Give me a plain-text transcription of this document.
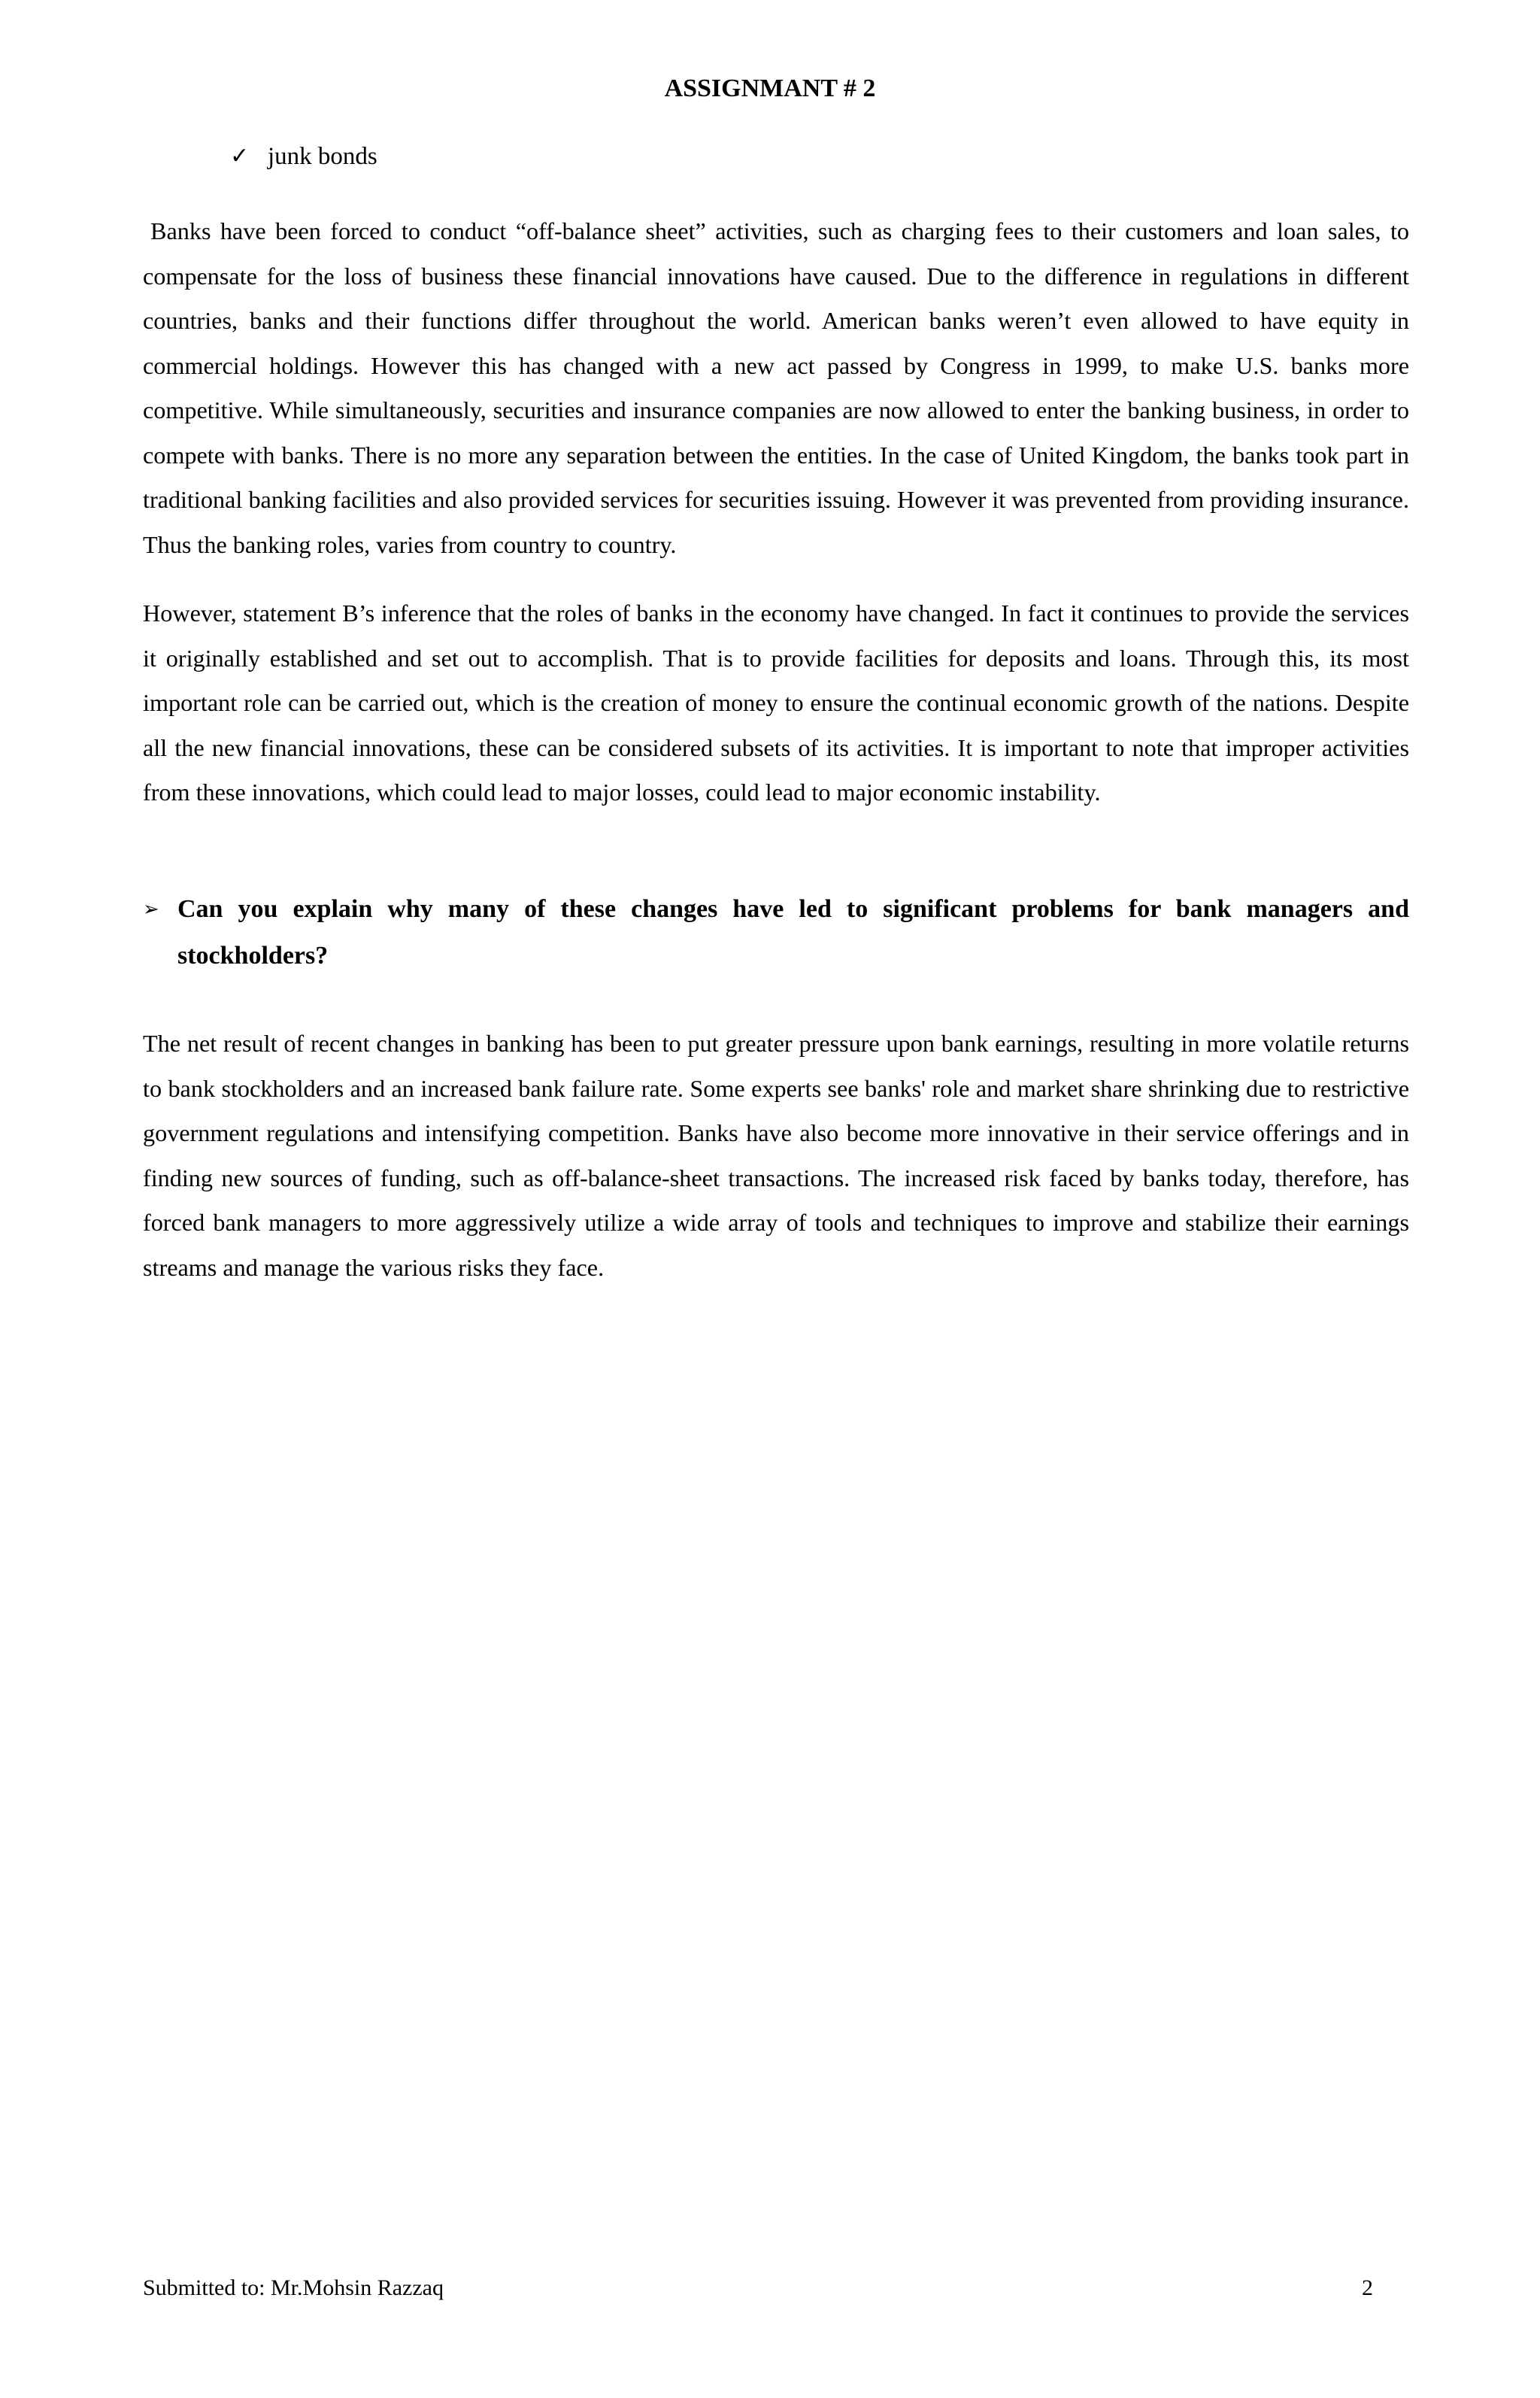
ASSIGNMANT # 2
✓ junk bonds

Banks have been forced to conduct “off-balance sheet” activities, such as charging fees to their customers and loan sales, to compensate for the loss of business these financial innovations have caused. Due to the difference in regulations in different countries, banks and their functions differ throughout the world. American banks weren’t even allowed to have equity in commercial holdings. However this has changed with a new act passed by Congress in 1999, to make U.S. banks more competitive. While simultaneously, securities and insurance companies are now allowed to enter the banking business, in order to compete with banks. There is no more any separation between the entities. In the case of United Kingdom, the banks took part in traditional banking facilities and also provided services for securities issuing. However it was prevented from providing insurance. Thus the banking roles, varies from country to country.

However, statement B’s inference that the roles of banks in the economy have changed. In fact it continues to provide the services it originally established and set out to accomplish. That is to provide facilities for deposits and loans. Through this, its most important role can be carried out, which is the creation of money to ensure the continual economic growth of the nations. Despite all the new financial innovations, these can be considered subsets of its activities. It is important to note that improper activities from these innovations, which could lead to major losses, could lead to major economic instability.

➢ Can you explain why many of these changes have led to significant problems for bank managers and stockholders?

The net result of recent changes in banking has been to put greater pressure upon bank earnings, resulting in more volatile returns to bank stockholders and an increased bank failure rate. Some experts see banks' role and market share shrinking due to restrictive government regulations and intensifying competition. Banks have also become more innovative in their service offerings and in finding new sources of funding, such as off-balance-sheet transactions. The increased risk faced by banks today, therefore, has forced bank managers to more aggressively utilize a wide array of tools and techniques to improve and stabilize their earnings streams and manage the various risks they face.

Submitted to: Mr.Mohsin Razzaq	2
